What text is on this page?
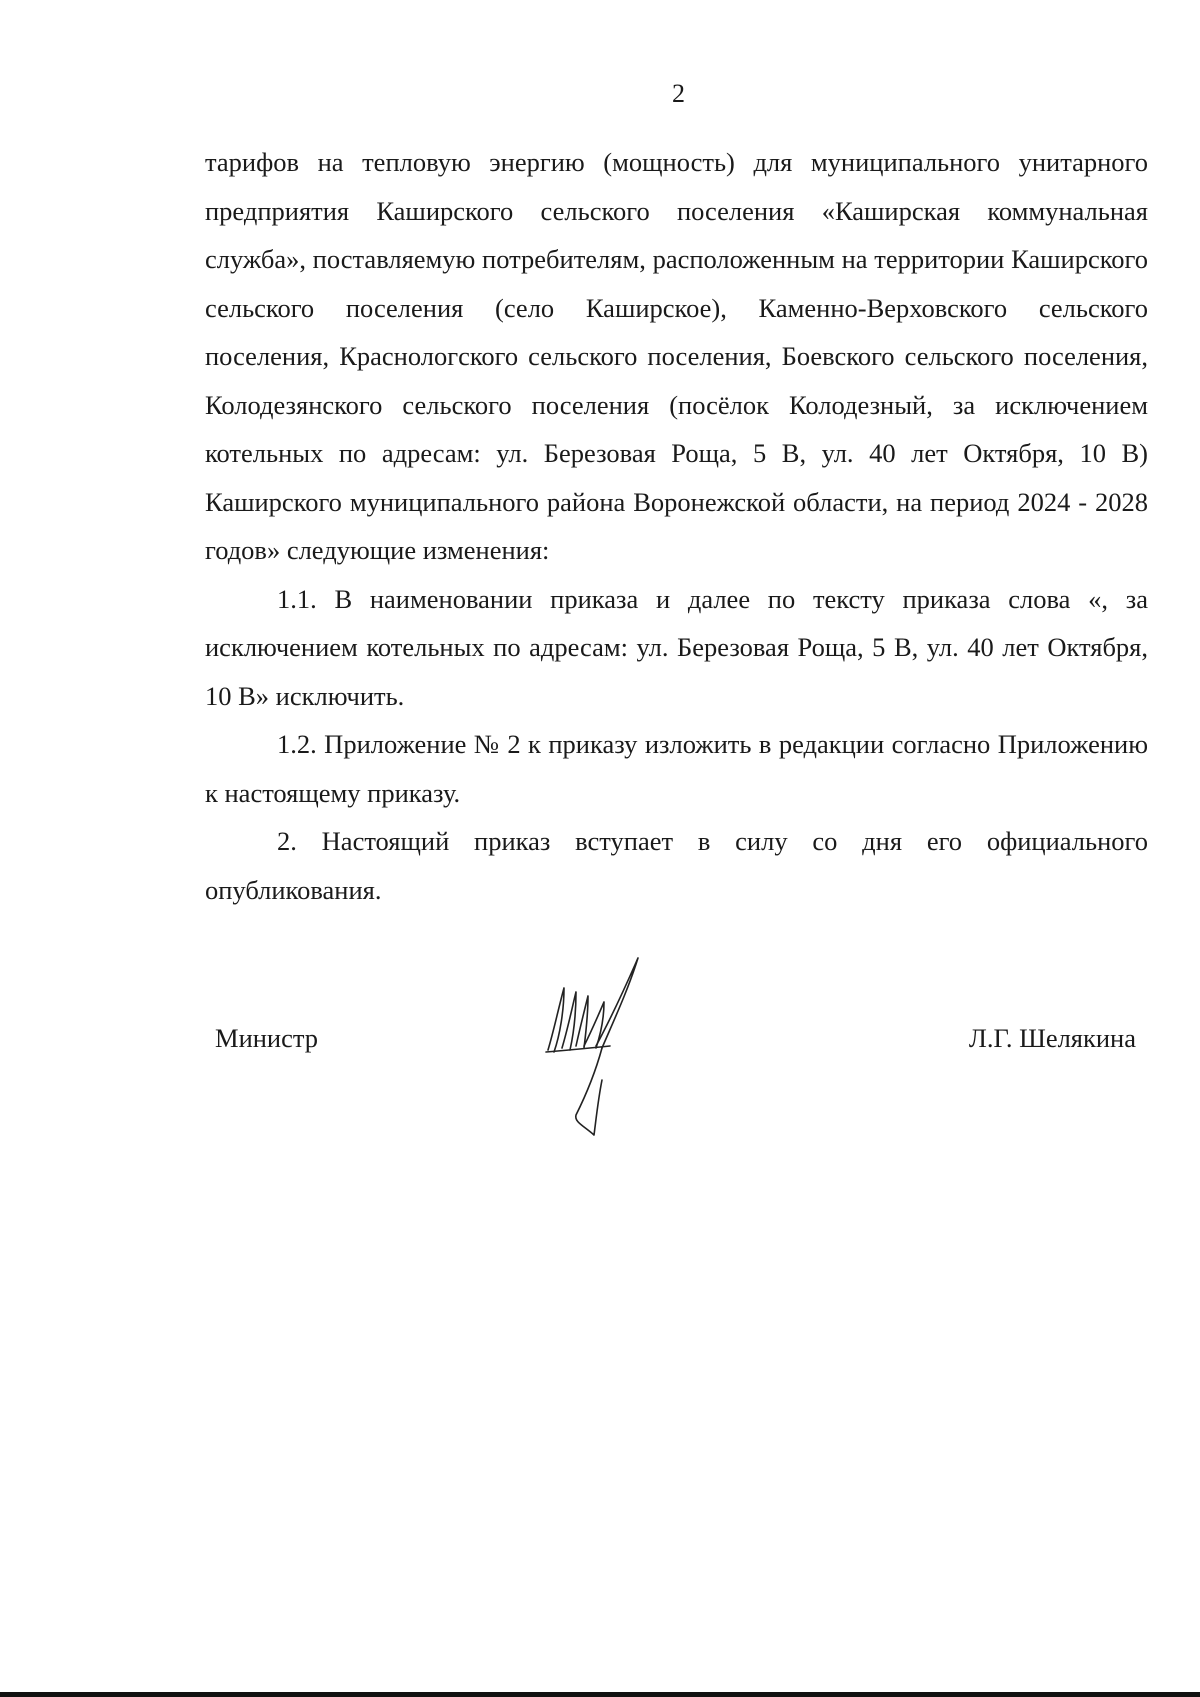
2

тарифов на тепловую энергию (мощность) для муниципального унитарного предприятия Каширского сельского поселения «Каширская коммунальная служба», поставляемую потребителям, расположенным на территории Каширского сельского поселения (село Каширское), Каменно-Верховского сельского поселения, Краснологского сельского поселения, Боевского сельского поселения, Колодезянского сельского поселения (посёлок Колодезный, за исключением котельных по адресам: ул. Березовая Роща, 5 В, ул. 40 лет Октября, 10 В) Каширского муниципального района Воронежской области, на период 2024 - 2028 годов» следующие изменения:

1.1. В наименовании приказа и далее по тексту приказа слова «, за исключением котельных по адресам: ул. Березовая Роща, 5 В, ул. 40 лет Октября, 10 В» исключить.

1.2. Приложение № 2 к приказу изложить в редакции согласно Приложению к настоящему приказу.

2. Настоящий приказ вступает в силу со дня его официального опубликования.

Министр	Л.Г. Шелякина
